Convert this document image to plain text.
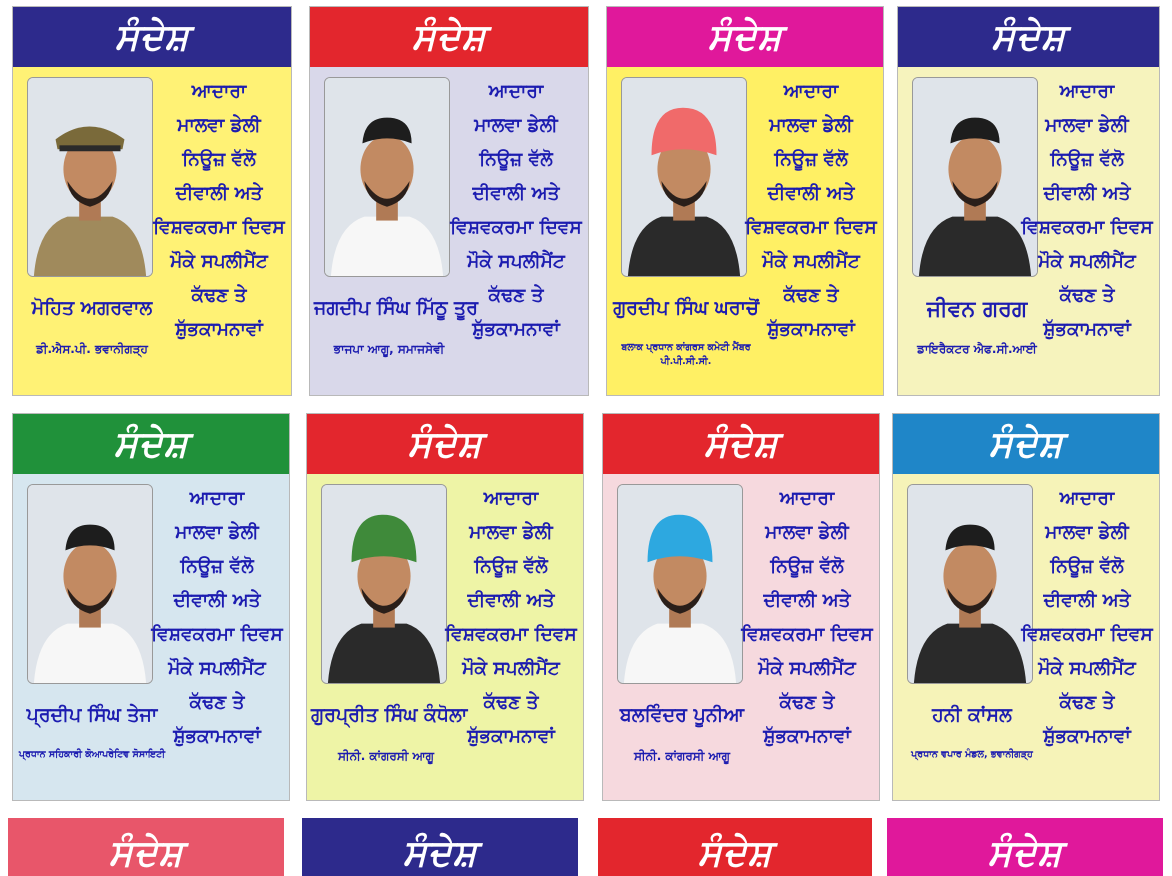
ਸੰਦੇਸ਼
ਆਦਾਰਾ
ਮਾਲਵਾ ਡੇਲੀ
ਨਿਊਜ਼ ਵੱਲੋ
ਦੀਵਾਲੀ ਅਤੇ
ਵਿਸ਼ਵਕਰਮਾ ਦਿਵਸ
ਮੌਕੇ ਸਪਲੀਮੈਂਟ
ਕੱਢਣ ਤੇ
ਸ਼ੁੱਭਕਾਮਨਾਵਾਂ
ਮੋਹਿਤ ਅਗਰਵਾਲ
ਡੀ.ਐਸ.ਪੀ. ਭਵਾਨੀਗੜ੍ਹ
ਸੰਦੇਸ਼
ਆਦਾਰਾ
ਮਾਲਵਾ ਡੇਲੀ
ਨਿਊਜ਼ ਵੱਲੋ
ਦੀਵਾਲੀ ਅਤੇ
ਵਿਸ਼ਵਕਰਮਾ ਦਿਵਸ
ਮੌਕੇ ਸਪਲੀਮੈਂਟ
ਕੱਢਣ ਤੇ
ਸ਼ੁੱਭਕਾਮਨਾਵਾਂ
ਜਗਦੀਪ ਸਿੰਘ ਮਿੱਠੂ ਤੂਰ
ਭਾਜਪਾ ਆਗੂ, ਸਮਾਜਸੇਵੀ
ਸੰਦੇਸ਼
ਆਦਾਰਾ
ਮਾਲਵਾ ਡੇਲੀ
ਨਿਊਜ਼ ਵੱਲੋ
ਦੀਵਾਲੀ ਅਤੇ
ਵਿਸ਼ਵਕਰਮਾ ਦਿਵਸ
ਮੌਕੇ ਸਪਲੀਮੈਂਟ
ਕੱਢਣ ਤੇ
ਸ਼ੁੱਭਕਾਮਨਾਵਾਂ
ਗੁਰਦੀਪ ਸਿੰਘ ਘਰਾਚੋਂ
ਬਲਾਕ ਪ੍ਰਧਾਨ ਕਾਂਗਰਸ ਕਮੇਟੀ ਮੈਂਬਰ ਪੀ.ਪੀ.ਸੀ.ਸੀ.
ਸੰਦੇਸ਼
ਆਦਾਰਾ
ਮਾਲਵਾ ਡੇਲੀ
ਨਿਊਜ਼ ਵੱਲੋ
ਦੀਵਾਲੀ ਅਤੇ
ਵਿਸ਼ਵਕਰਮਾ ਦਿਵਸ
ਮੌਕੇ ਸਪਲੀਮੈਂਟ
ਕੱਢਣ ਤੇ
ਸ਼ੁੱਭਕਾਮਨਾਵਾਂ
ਜੀਵਨ ਗਰਗ
ਡਾਇਰੈਕਟਰ ਐਫ.ਸੀ.ਆਈ
ਸੰਦੇਸ਼
ਆਦਾਰਾ
ਮਾਲਵਾ ਡੇਲੀ
ਨਿਊਜ਼ ਵੱਲੋ
ਦੀਵਾਲੀ ਅਤੇ
ਵਿਸ਼ਵਕਰਮਾ ਦਿਵਸ
ਮੌਕੇ ਸਪਲੀਮੈਂਟ
ਕੱਢਣ ਤੇ
ਸ਼ੁੱਭਕਾਮਨਾਵਾਂ
ਪ੍ਰਦੀਪ ਸਿੰਘ ਤੇਜਾ
ਪ੍ਰਧਾਨ ਸਹਿਕਾਰੀ ਕੋਆਪਰੇਟਿਵ ਸੋਸਾਇਟੀ
ਸੰਦੇਸ਼
ਆਦਾਰਾ
ਮਾਲਵਾ ਡੇਲੀ
ਨਿਊਜ਼ ਵੱਲੋ
ਦੀਵਾਲੀ ਅਤੇ
ਵਿਸ਼ਵਕਰਮਾ ਦਿਵਸ
ਮੌਕੇ ਸਪਲੀਮੈਂਟ
ਕੱਢਣ ਤੇ
ਸ਼ੁੱਭਕਾਮਨਾਵਾਂ
ਗੁਰਪ੍ਰੀਤ ਸਿੰਘ ਕੰਧੋਲਾ
ਸੀਨੀ. ਕਾਂਗਰਸੀ ਆਗੂ
ਸੰਦੇਸ਼
ਆਦਾਰਾ
ਮਾਲਵਾ ਡੇਲੀ
ਨਿਊਜ਼ ਵੱਲੋ
ਦੀਵਾਲੀ ਅਤੇ
ਵਿਸ਼ਵਕਰਮਾ ਦਿਵਸ
ਮੌਕੇ ਸਪਲੀਮੈਂਟ
ਕੱਢਣ ਤੇ
ਸ਼ੁੱਭਕਾਮਨਾਵਾਂ
ਬਲਵਿੰਦਰ ਪੂਨੀਆ
ਸੀਨੀ. ਕਾਂਗਰਸੀ ਆਗੂ
ਸੰਦੇਸ਼
ਆਦਾਰਾ
ਮਾਲਵਾ ਡੇਲੀ
ਨਿਊਜ਼ ਵੱਲੋ
ਦੀਵਾਲੀ ਅਤੇ
ਵਿਸ਼ਵਕਰਮਾ ਦਿਵਸ
ਮੌਕੇ ਸਪਲੀਮੈਂਟ
ਕੱਢਣ ਤੇ
ਸ਼ੁੱਭਕਾਮਨਾਵਾਂ
ਹਨੀ ਕਾਂਸਲ
ਪ੍ਰਧਾਨ ਵਪਾਰ ਮੰਡਲ, ਭਵਾਨੀਗੜ੍ਹ
ਸੰਦੇਸ਼	ਸੰਦੇਸ਼	ਸੰਦੇਸ਼	ਸੰਦੇਸ਼
